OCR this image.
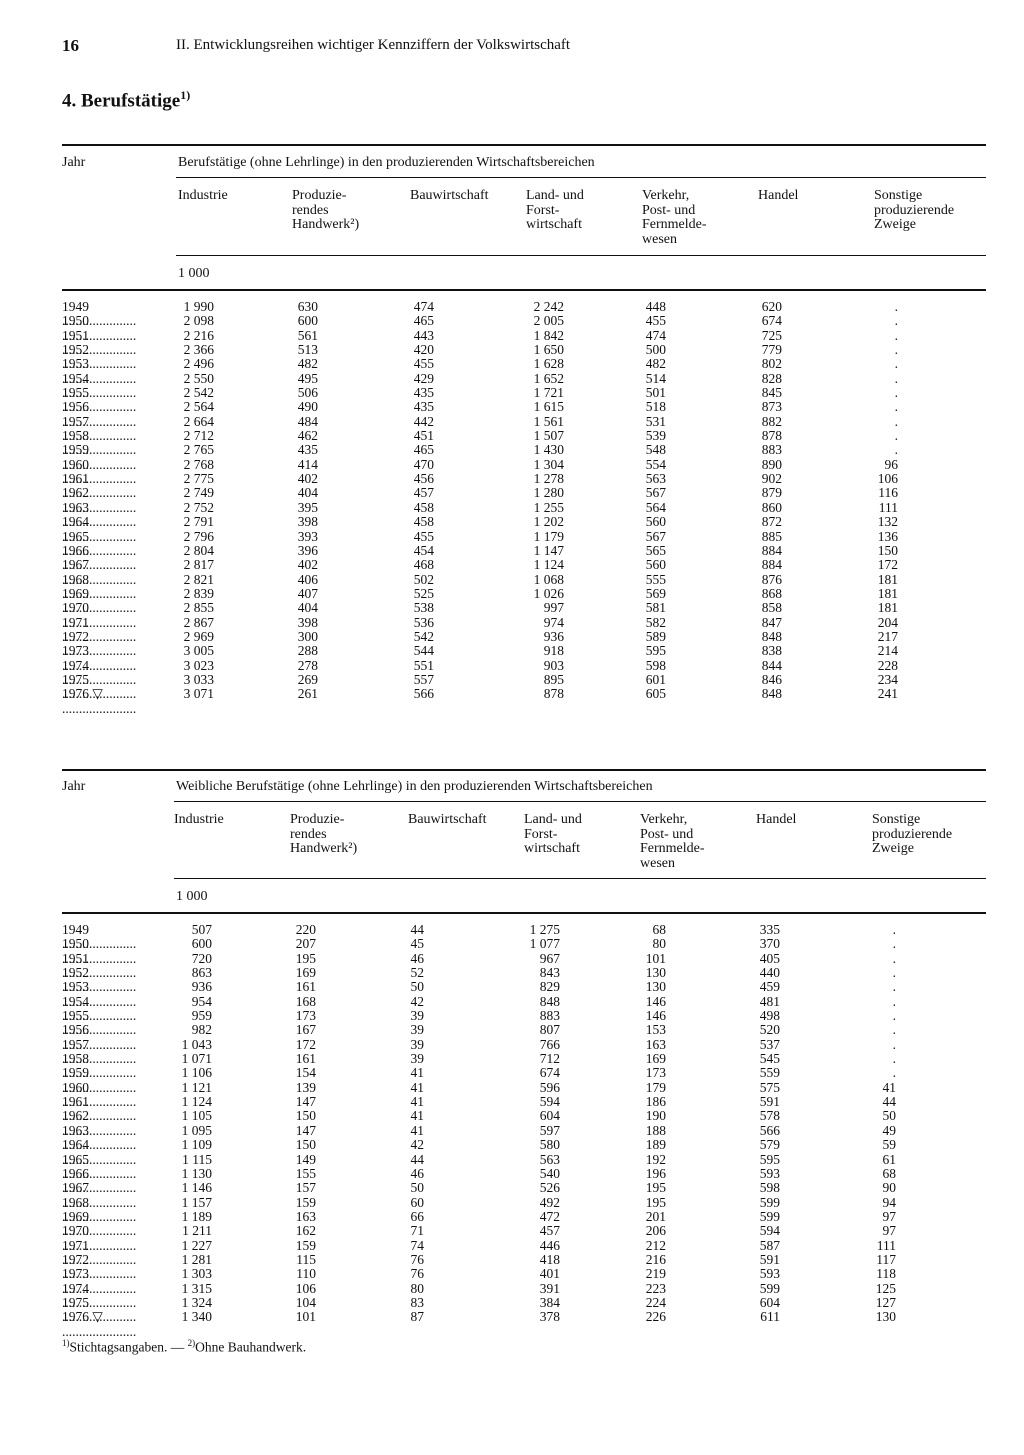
16	II. Entwicklungsreihen wichtiger Kennziffern der Volkswirtschaft
4. Berufstätige$^{1)}$
Jahr	Berufstätige (ohne Lehrlinge) in den produzierenden Wirtschaftsbereichen
Industrie	Produzie-
rendes
Handwerk²)
Bauwirtschaft	Land- und
Forst-
wirtschaft
Verkehr,
Post- und
Fernmelde-
wesen
Handel	Sonstige
produzierende
Zweige
1 000
1949 .....	1 990	630	474	2 242	448	620	.
1950 .....	2 098	600	465	2 005	455	674	.
1951 .....	2 216	561	443	1 842	474	725	.
1952 .....	2 366	513	420	1 650	500	779	.
1953 .....	2 496	482	455	1 628	482	802	.
1954 .....	2 550	495	429	1 652	514	828	.
1955 .....	2 542	506	435	1 721	501	845	.
1956 .....	2 564	490	435	1 615	518	873	.
1957 .....	2 664	484	442	1 561	531	882	.
1958 .....	2 712	462	451	1 507	539	878	.
1959 .....	2 765	435	465	1 430	548	883	.
1960 .....	2 768	414	470	1 304	554	890	96
1961 .....	2 775	402	456	1 278	563	902	106
1962 .....	2 749	404	457	1 280	567	879	116
1963 .....	2 752	395	458	1 255	564	860	111
1964 .....	2 791	398	458	1 202	560	872	132
1965 .....	2 796	393	455	1 179	567	885	136
1966 .....	2 804	396	454	1 147	565	884	150
1967 .....	2 817	402	468	1 124	560	884	172
1968 .....	2 821	406	502	1 068	555	876	181
1969 .....	2 839	407	525	1 026	569	868	181
1970 .....	2 855	404	538	997	581	858	181
1971 .....	2 867	398	536	974	582	847	204
1972 .....	2 969	300	542	936	589	848	217
1973 .....	3 005	288	544	918	595	838	214
1974 .....	3 023	278	551	903	598	844	228
1975 .....	3 033	269	557	895	601	846	234
1976 ▽ .....	3 071	261	566	878	605	848	241
Jahr	Weibliche Berufstätige (ohne Lehrlinge) in den produzierenden Wirtschaftsbereichen
Industrie	Produzie-
rendes
Handwerk²)
Bauwirtschaft	Land- und
Forst-
wirtschaft
Verkehr,
Post- und
Fernmelde-
wesen
Handel	Sonstige
produzierende
Zweige
1 000
1949 .....	507	220	44	1 275	68	335	.
1950 .....	600	207	45	1 077	80	370	.
1951 .....	720	195	46	967	101	405	.
1952 .....	863	169	52	843	130	440	.
1953 .....	936	161	50	829	130	459	.
1954 .....	954	168	42	848	146	481	.
1955 .....	959	173	39	883	146	498	.
1956 .....	982	167	39	807	153	520	.
1957 .....	1 043	172	39	766	163	537	.
1958 .....	1 071	161	39	712	169	545	.
1959 .....	1 106	154	41	674	173	559	.
1960 .....	1 121	139	41	596	179	575	41
1961 .....	1 124	147	41	594	186	591	44
1962 .....	1 105	150	41	604	190	578	50
1963 .....	1 095	147	41	597	188	566	49
1964 .....	1 109	150	42	580	189	579	59
1965 .....	1 115	149	44	563	192	595	61
1966 .....	1 130	155	46	540	196	593	68
1967 .....	1 146	157	50	526	195	598	90
1968 .....	1 157	159	60	492	195	599	94
1969 .....	1 189	163	66	472	201	599	97
1970 .....	1 211	162	71	457	206	594	97
1971 .....	1 227	159	74	446	212	587	111
1972 .....	1 281	115	76	418	216	591	117
1973 .....	1 303	110	76	401	219	593	118
1974 .....	1 315	106	80	391	223	599	125
1975 .....	1 324	104	83	384	224	604	127
1976 ▽ .....	1 340	101	87	378	226	611	130
$^{1)}$Stichtagsangaben. — $^{2)}$Ohne Bauhandwerk.
